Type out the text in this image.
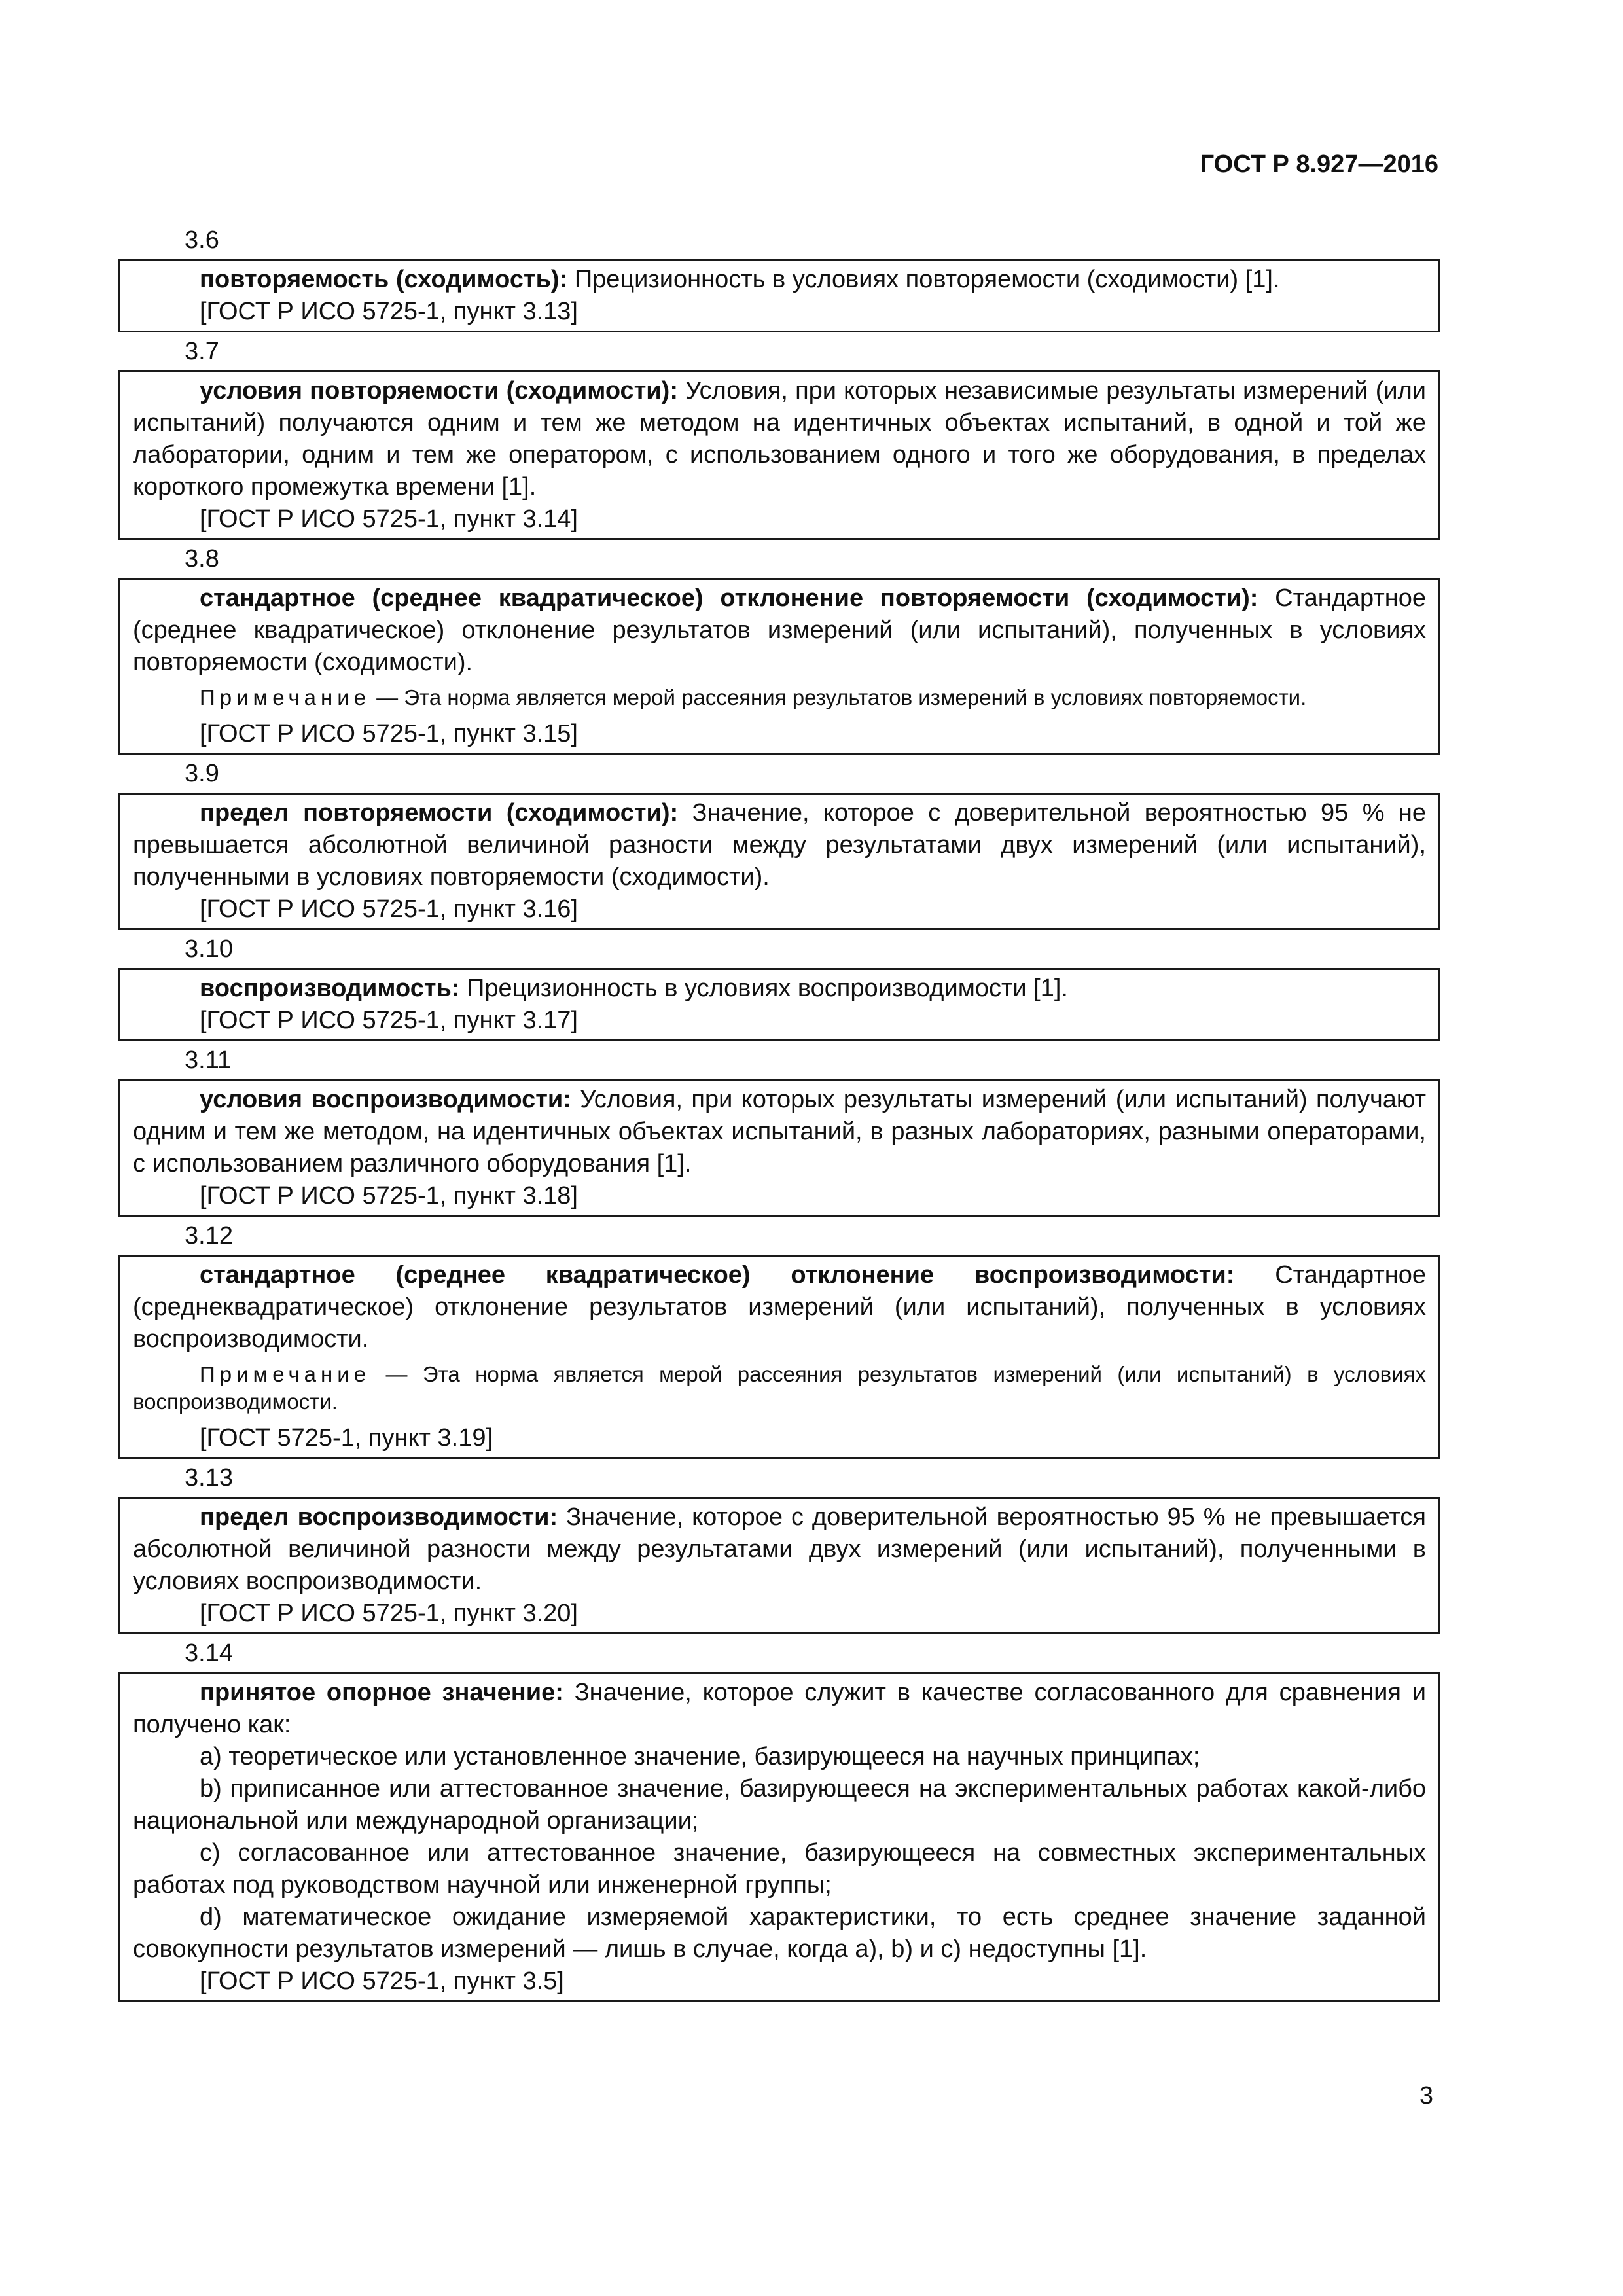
ГОСТ Р 8.927—2016
3.6

повторяемость (сходимость): Прецизионность в условиях повторяемости (сходимости) [1].

[ГОСТ Р ИСО 5725-1, пункт 3.13]
3.7

условия повторяемости (сходимости): Условия, при которых независимые результаты измерений (или испытаний) получаются одним и тем же методом на идентичных объектах испытаний, в одной и той же лаборатории, одним и тем же оператором, с использованием одного и того же оборудования, в пределах короткого промежутка времени [1].

[ГОСТ Р ИСО 5725-1, пункт 3.14]
3.8

стандартное (среднее квадратическое) отклонение повторяемости (сходимости): Стандартное (среднее квадратическое) отклонение результатов измерений (или испытаний), полученных в условиях повторяемости (сходимости).

Примечание — Эта норма является мерой рассеяния результатов измерений в условиях повторяемости.
[ГОСТ Р ИСО 5725-1, пункт 3.15]
3.9

предел повторяемости (сходимости): Значение, которое с доверительной вероятностью 95 % не превышается абсолютной величиной разности между результатами двух измерений (или испытаний), полученными в условиях повторяемости (сходимости).

[ГОСТ Р ИСО 5725-1, пункт 3.16]
3.10

воспроизводимость: Прецизионность в условиях воспроизводимости [1].

[ГОСТ Р ИСО 5725-1, пункт 3.17]
3.11

условия воспроизводимости: Условия, при которых результаты измерений (или испытаний) получают одним и тем же методом, на идентичных объектах испытаний, в разных лабораториях, разными операторами, с использованием различного оборудования [1].

[ГОСТ Р ИСО 5725-1, пункт 3.18]
3.12

стандартное (среднее квадратическое) отклонение воспроизводимости: Стандартное (среднеквадратическое) отклонение результатов измерений (или испытаний), полученных в условиях воспроизводимости.

Примечание — Эта норма является мерой рассеяния результатов измерений (или испытаний) в условиях воспроизводимости.
[ГОСТ 5725-1, пункт 3.19]
3.13

предел воспроизводимости: Значение, которое с доверительной вероятностью 95 % не превышается абсолютной величиной разности между результатами двух измерений (или испытаний), полученными в условиях воспроизводимости.

[ГОСТ Р ИСО 5725-1, пункт 3.20]
3.14

принятое опорное значение: Значение, которое служит в качестве согласованного для сравнения и получено как:

а) теоретическое или установленное значение, базирующееся на научных принципах;

b) приписанное или аттестованное значение, базирующееся на экспериментальных работах какой-либо национальной или международной организации;

c) согласованное или аттестованное значение, базирующееся на совместных экспериментальных работах под руководством научной или инженерной группы;

d) математическое ожидание измеряемой характеристики, то есть среднее значение заданной совокупности результатов измерений — лишь в случае, когда а), b) и c) недоступны [1].

[ГОСТ Р ИСО 5725-1, пункт 3.5]
3
